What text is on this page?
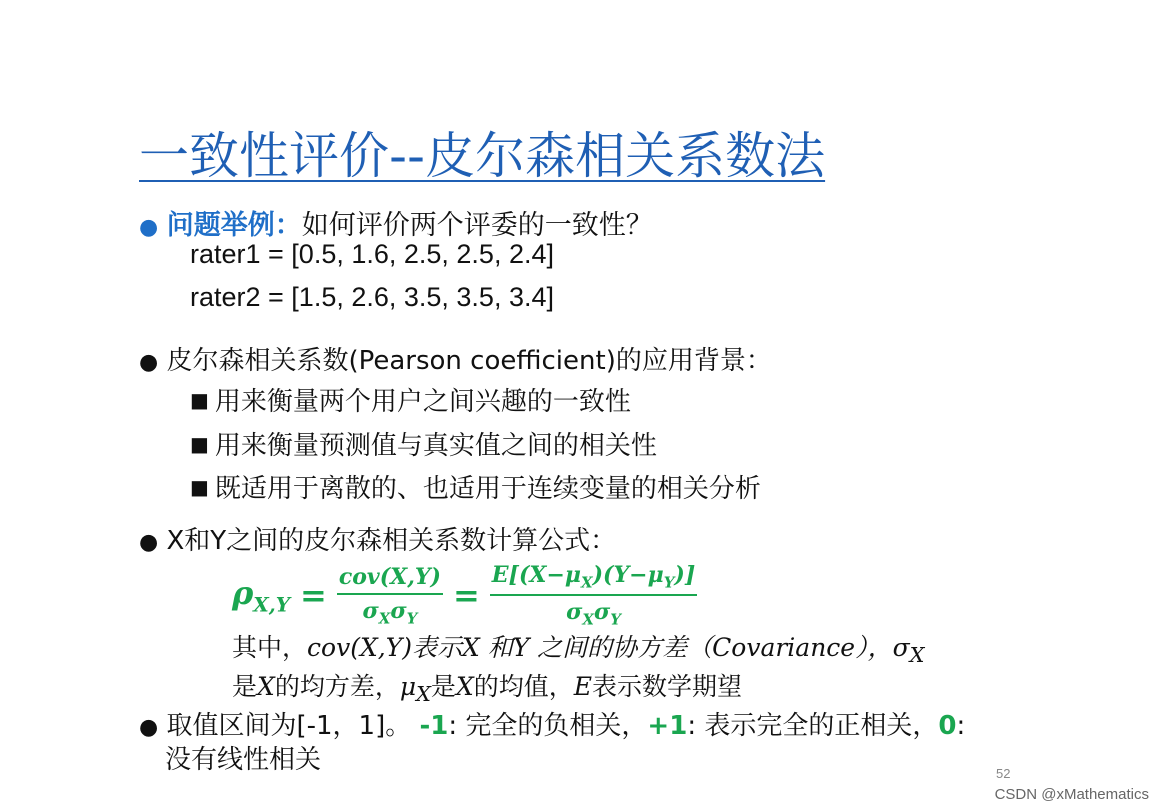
一致性评价--皮尔森相关系数法
● 问题举例：如何评价两个评委的一致性？
rater1 = [0.5, 1.6, 2.5, 2.5, 2.4]
rater2 = [1.5, 2.6, 3.5, 3.5, 3.4]
● 皮尔森相关系数(Pearson coefficient)的应用背景：
■ 用来衡量两个用户之间兴趣的一致性
■ 用来衡量预测值与真实值之间的相关性
■ 既适用于离散的、也适用于连续变量的相关分析
● X和Y之间的皮尔森相关系数计算公式：
$\rho_{X,Y} = \frac{\text{cov(X,Y)}}{\sigma_X\sigma_Y} = \frac{E[(X-\mu_X)(Y-\mu_Y)]}{\sigma_X\sigma_Y}$
其中，cov(X,Y)表示X 和Y 之间的协方差（Covariance），$\sigma_X$
是X的均方差，$\mu_X$是X的均值，E表示数学期望
● 取值区间为[-1，1]。 -1: 完全的负相关，+1: 表示完全的正相关，0:
没有线性相关	52
CSDN @xMathematics
